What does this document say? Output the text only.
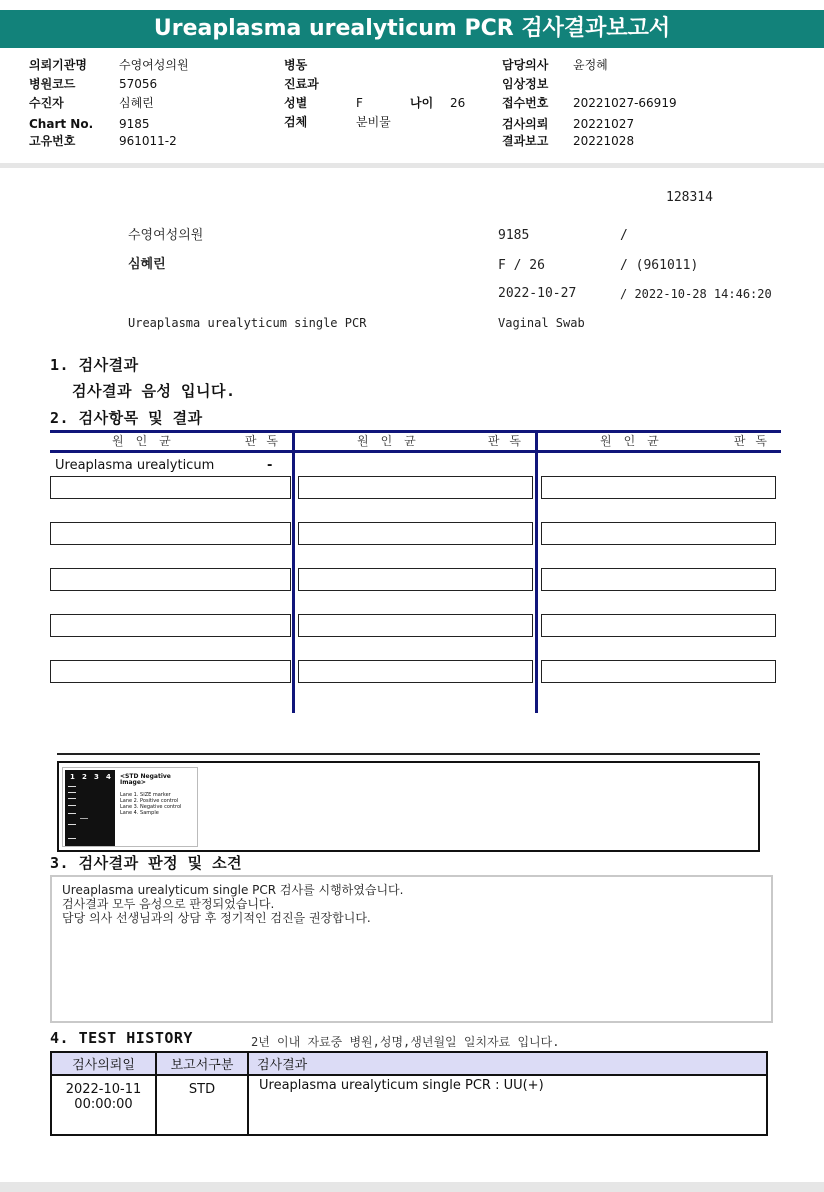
Ureaplasma urealyticum PCR 검사결과보고서
의뢰기관명	수영여성의원
병원코드	57056
수진자	심혜린
Chart No. 9185
고유번호	961011-2
병동
진료과
성별	F	나이 26
검체	분비물
담당의사 윤정혜
임상정보
접수번호 20221027-66919
검사의뢰 20221027
결과보고 20221028
128314
수영여성의원	9185	/
심혜린	F / 26	/ (961011)
2022-10-27	/ 2022-10-28 14:46:20
Ureaplasma urealyticum single PCR	Vaginal Swab
1. 검사결과
검사결과 음성 입니다.
2. 검사항목 및 결과
원인균	판독	원인균	판독	원인균	판독
Ureaplasma urealyticum	-
1 2 3 4 <STD Negative Image>
Lane 1. SIZE marker
Lane 2. Positive control
Lane 3. Negative control
Lane 4. Sample
3. 검사결과 판정 및 소견
Ureaplasma urealyticum single PCR 검사를 시행하였습니다.
검사결과 모두 음성으로 판정되었습니다.
담당 의사 선생님과의 상담 후 정기적인 검진을 권장합니다.
4. TEST HISTORY	2년 이내 자료중 병원,성명,생년월일 일치자료 입니다.
검사의뢰일	보고서구분	검사결과

2022-10-11
00:00:00	STD	Ureaplasma urealyticum single PCR : UU(+)
